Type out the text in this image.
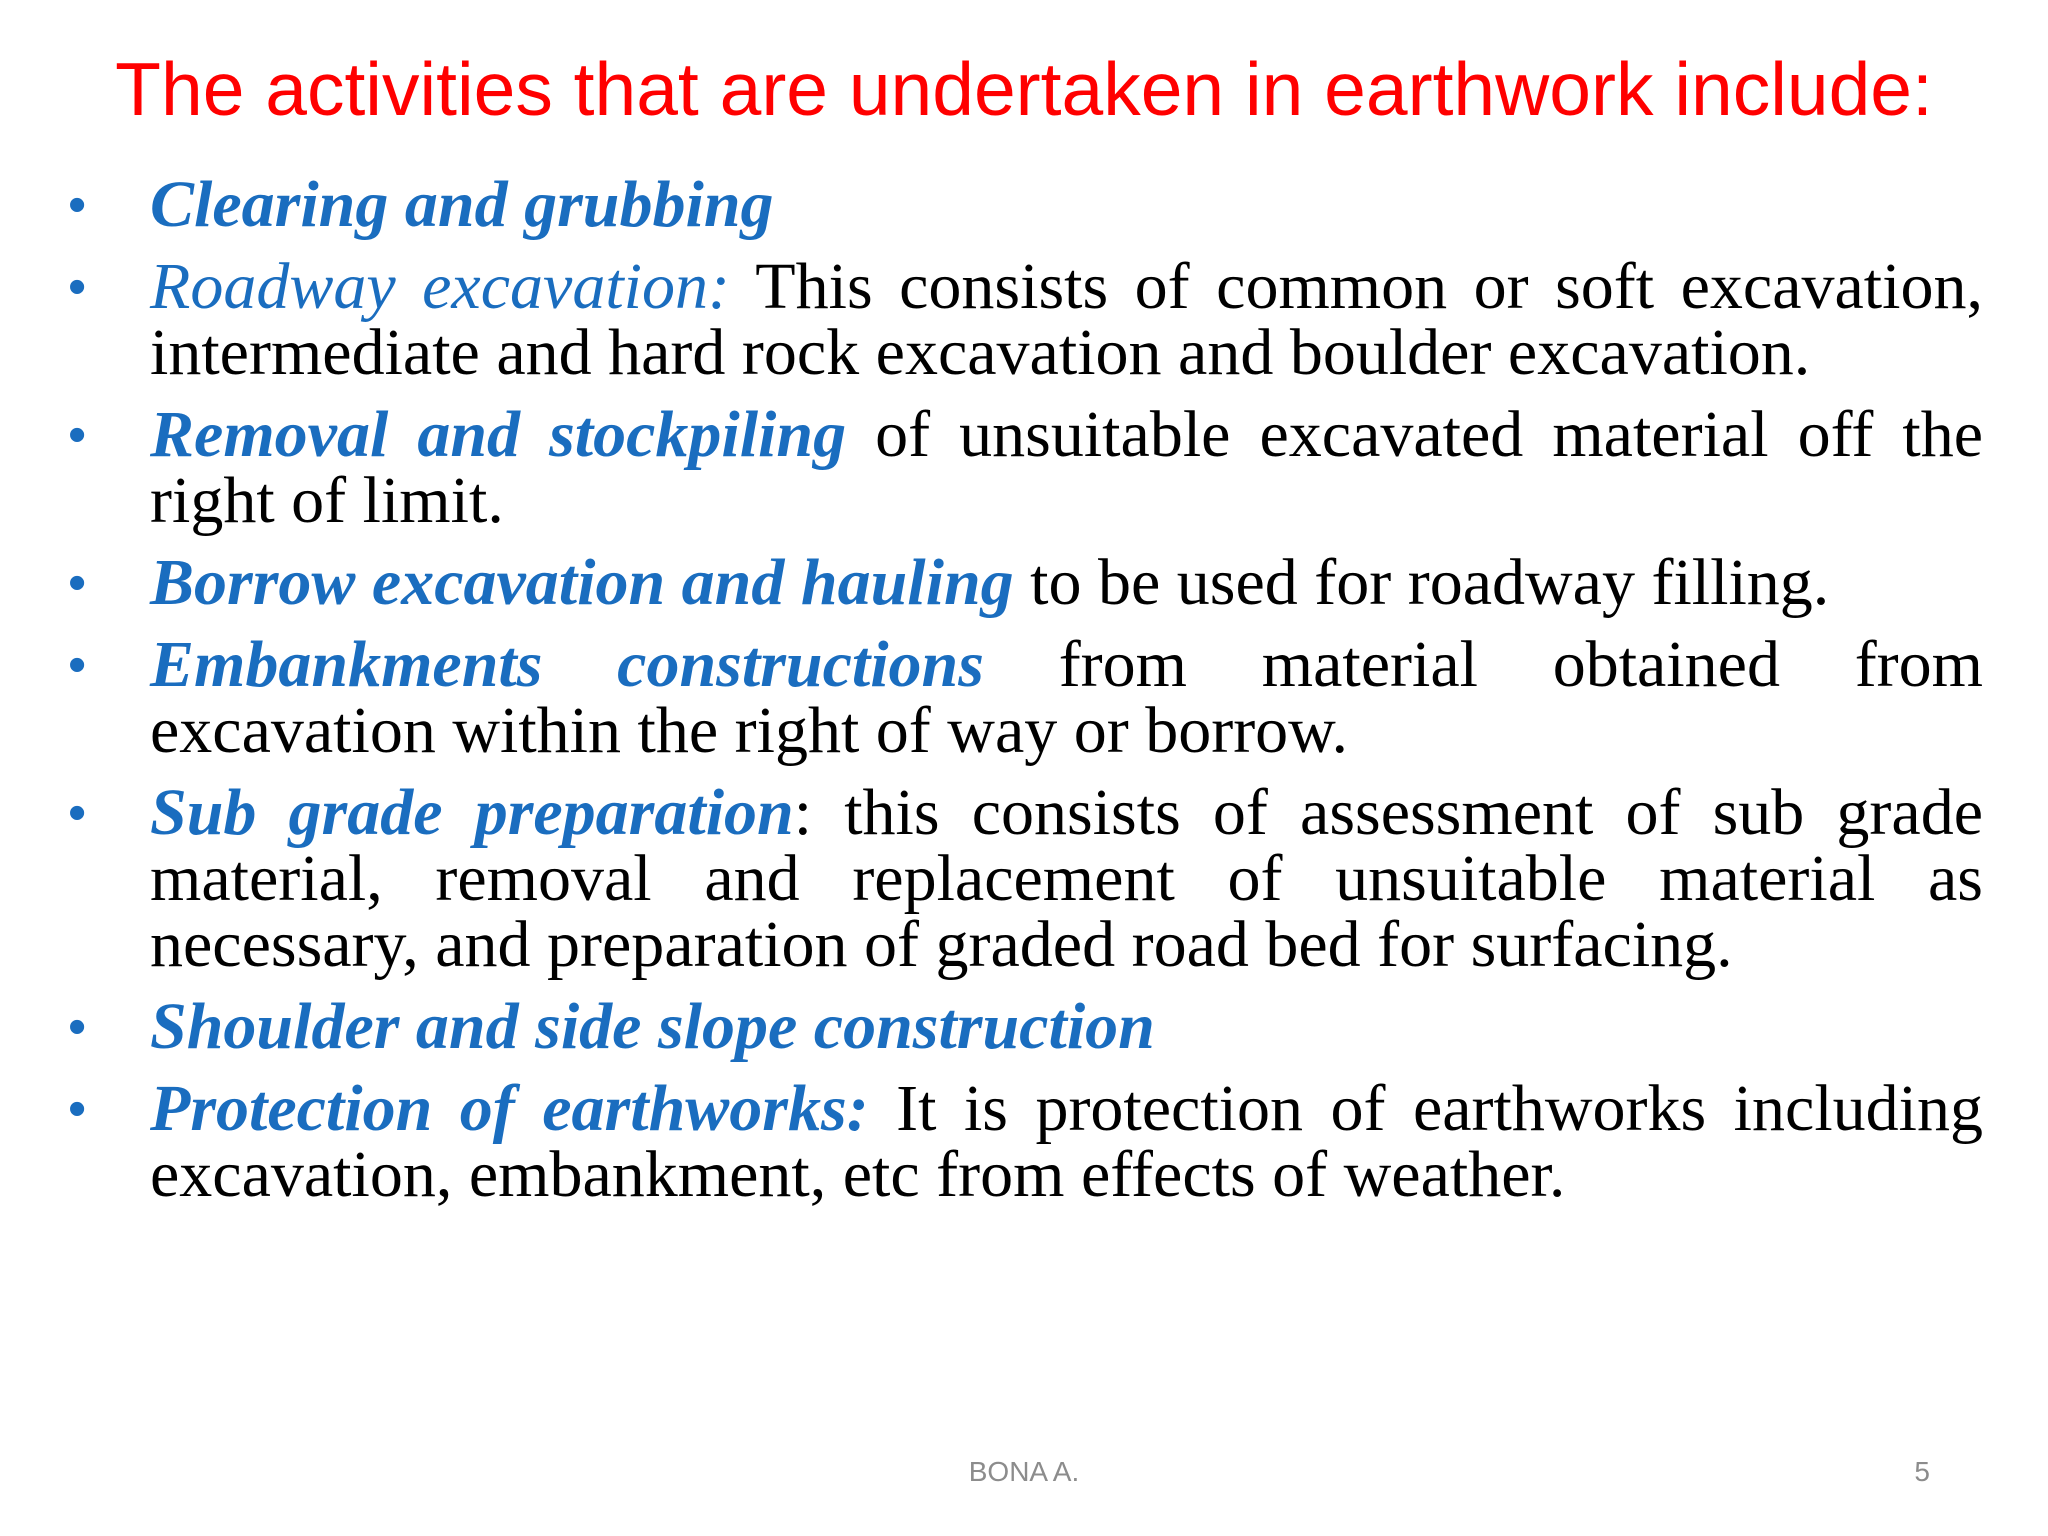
The activities that are undertaken in earthwork include:
• Clearing and grubbing
• Roadway excavation: This consists of common or soft excavation, intermediate and hard rock excavation and boulder excavation.
• Removal and stockpiling of unsuitable excavated material off the right of limit.
• Borrow excavation and hauling to be used for roadway filling.
• Embankments constructions from material obtained from excavation within the right of way or borrow.
• Sub grade preparation: this consists of assessment of sub grade material, removal and replacement of unsuitable material as necessary, and preparation of graded road bed for surfacing.
• Shoulder and side slope construction
• Protection of earthworks: It is protection of earthworks including excavation, embankment, etc from effects of weather.
BONA A.	5
